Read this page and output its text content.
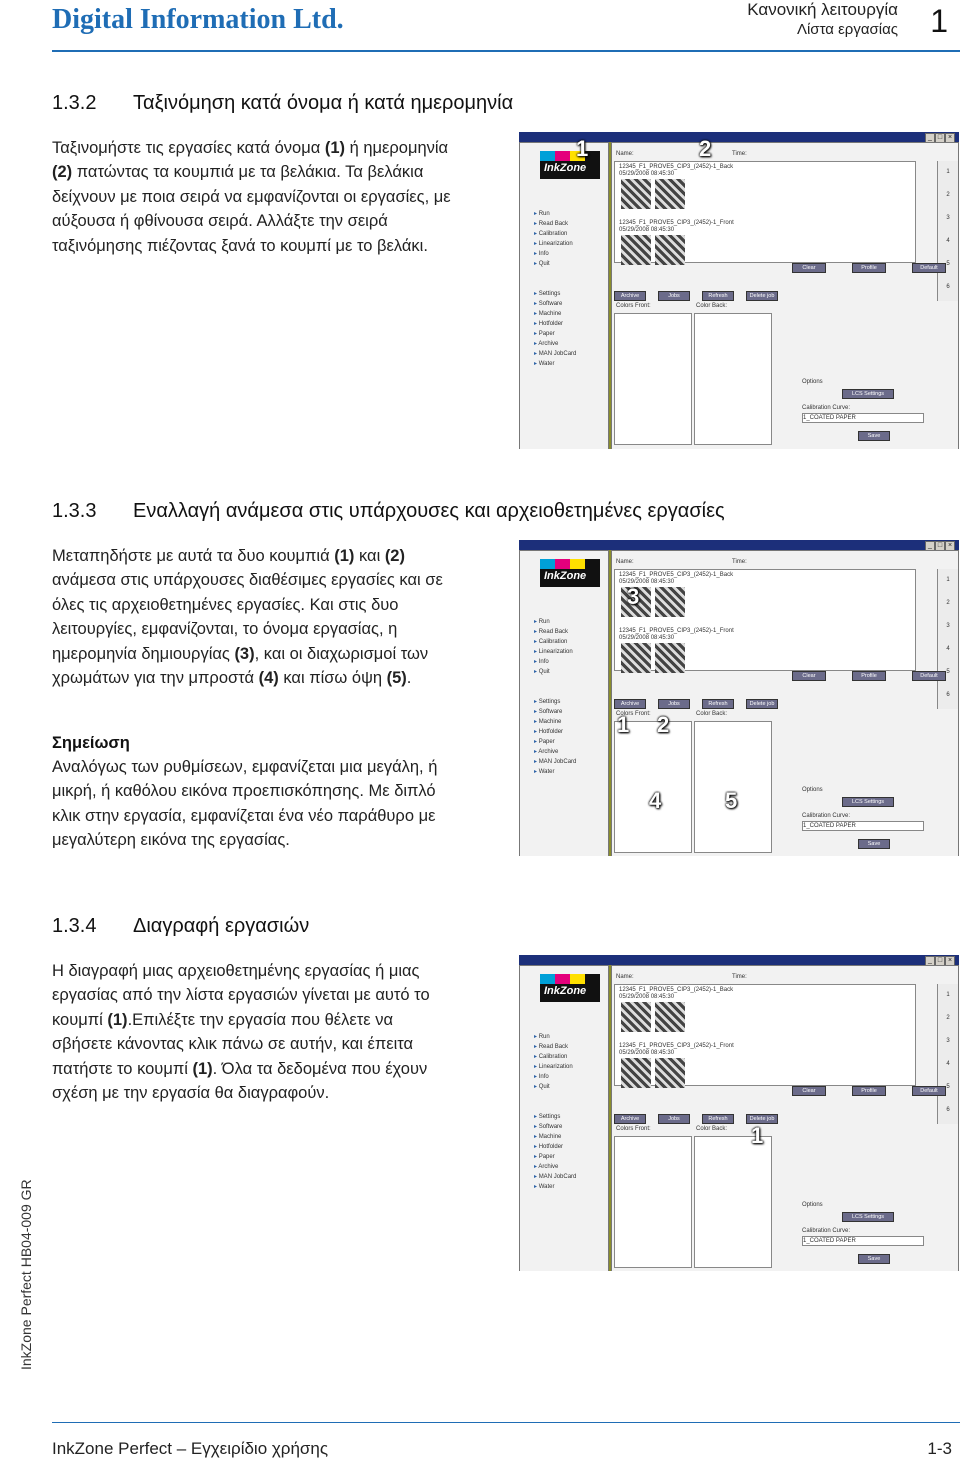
Digital Information Ltd.	Κανονική λειτουργία
Λίστα εργασίας 1
1.3.2 Ταξινόμηση κατά όνομα ή κατά ημερομηνία
Ταξινομήστε τις εργασίες κατά όνομα (1) ή ημερομηνία
(2) πατώντας τα κουμπιά με τα βελάκια. Τα βελάκια
δείχνουν με ποια σειρά να εμφανίζονται οι εργασίες, με
αύξουσα ή φθίνουσα σειρά. Αλλάξτε την σειρά
ταξινόμησης πιέζοντας ξανά το κουμπί με το βελάκι.
_ □ ×
InkZone
▸ Run
▸ Read Back
▸ Calibration
▸ Linearization
▸ Info
▸ Quit
▸ Settings
▸ Software
▸ Machine
▸ Hotfolder
▸ Paper
▸ Archive
▸ MAN JobCard
▸ Water
Name:	Time:
12345_F1_PROVE5_CIP3_(2452)-1_Back
05/29/2008 08:45:30
12345_F1_PROVE5_CIP3_(2452)-1_Front
05/29/2008 08:45:30
1
2
3
4
5
6
Clear	Profile	Default
Archive	Jobs	Refresh	Delete job
Colors Front:	Color Back:
Options
LCS Settings
Calibration Curve:
1_COATED PAPER
Save
1	2
1.3.3 Εναλλαγή ανάμεσα στις υπάρχουσες και αρχειοθετημένες εργασίες
Μεταπηδήστε με αυτά τα δυο κουμπιά (1) και (2)
ανάμεσα στις υπάρχουσες διαθέσιμες εργασίες και σε
όλες τις αρχειοθετημένες εργασίες. Και στις δυο
λειτουργίες, εμφανίζονται, το όνομα εργασίας, η
ημερομηνία δημιουργίας (3), και οι διαχωρισμοί των
χρωμάτων για την μπροστά (4) και πίσω όψη (5).
Σημείωση
Αναλόγως των ρυθμίσεων, εμφανίζεται μια μεγάλη, ή
μικρή, ή καθόλου εικόνα προεπισκόπησης. Με διπλό
κλικ στην εργασία, εμφανίζεται ένα νέο παράθυρο με
μεγαλύτερη εικόνα της εργασίας.
_ □ ×
InkZone
▸ Run
▸ Read Back
▸ Calibration
▸ Linearization
▸ Info
▸ Quit
▸ Settings
▸ Software
▸ Machine
▸ Hotfolder
▸ Paper
▸ Archive
▸ MAN JobCard
▸ Water
Name:	Time:
12345_F1_PROVE5_CIP3_(2452)-1_Back
05/29/2008 08:45:30
12345_F1_PROVE5_CIP3_(2452)-1_Front
05/29/2008 08:45:30
1
2
3
4
5
6
Clear	Profile	Default
Archive	Jobs	Refresh	Delete job
Colors Front:	Color Back:
Options
LCS Settings
Calibration Curve:
1_COATED PAPER
Save
3
1 2
4	5
1.3.4 Διαγραφή εργασιών
Η διαγραφή μιας αρχειοθετημένης εργασίας ή μιας
εργασίας από την λίστα εργασιών γίνεται με αυτό το
κουμπί (1).Επιλέξτε την εργασία που θέλετε να
σβήσετε κάνοντας κλικ πάνω σε αυτήν, και έπειτα
πατήστε το κουμπί (1). Όλα τα δεδομένα που έχουν
σχέση με την εργασία θα διαγραφούν.
_ □ ×
InkZone
▸ Run
▸ Read Back
▸ Calibration
▸ Linearization
▸ Info
▸ Quit
▸ Settings
▸ Software
▸ Machine
▸ Hotfolder
▸ Paper
▸ Archive
▸ MAN JobCard
▸ Water
Name:	Time:
12345_F1_PROVE5_CIP3_(2452)-1_Back
05/29/2008 08:45:30
12345_F1_PROVE5_CIP3_(2452)-1_Front
05/29/2008 08:45:30
1
2
3
4
5
6
Clear	Profile	Default
Archive	Jobs	Refresh	Delete job
Colors Front:	Color Back:
Options
LCS Settings
Calibration Curve:
1_COATED PAPER
Save
1
InkZone Perfect HB04-009 GR
InkZone Perfect – Εγχειρίδιο χρήσης	1-3
